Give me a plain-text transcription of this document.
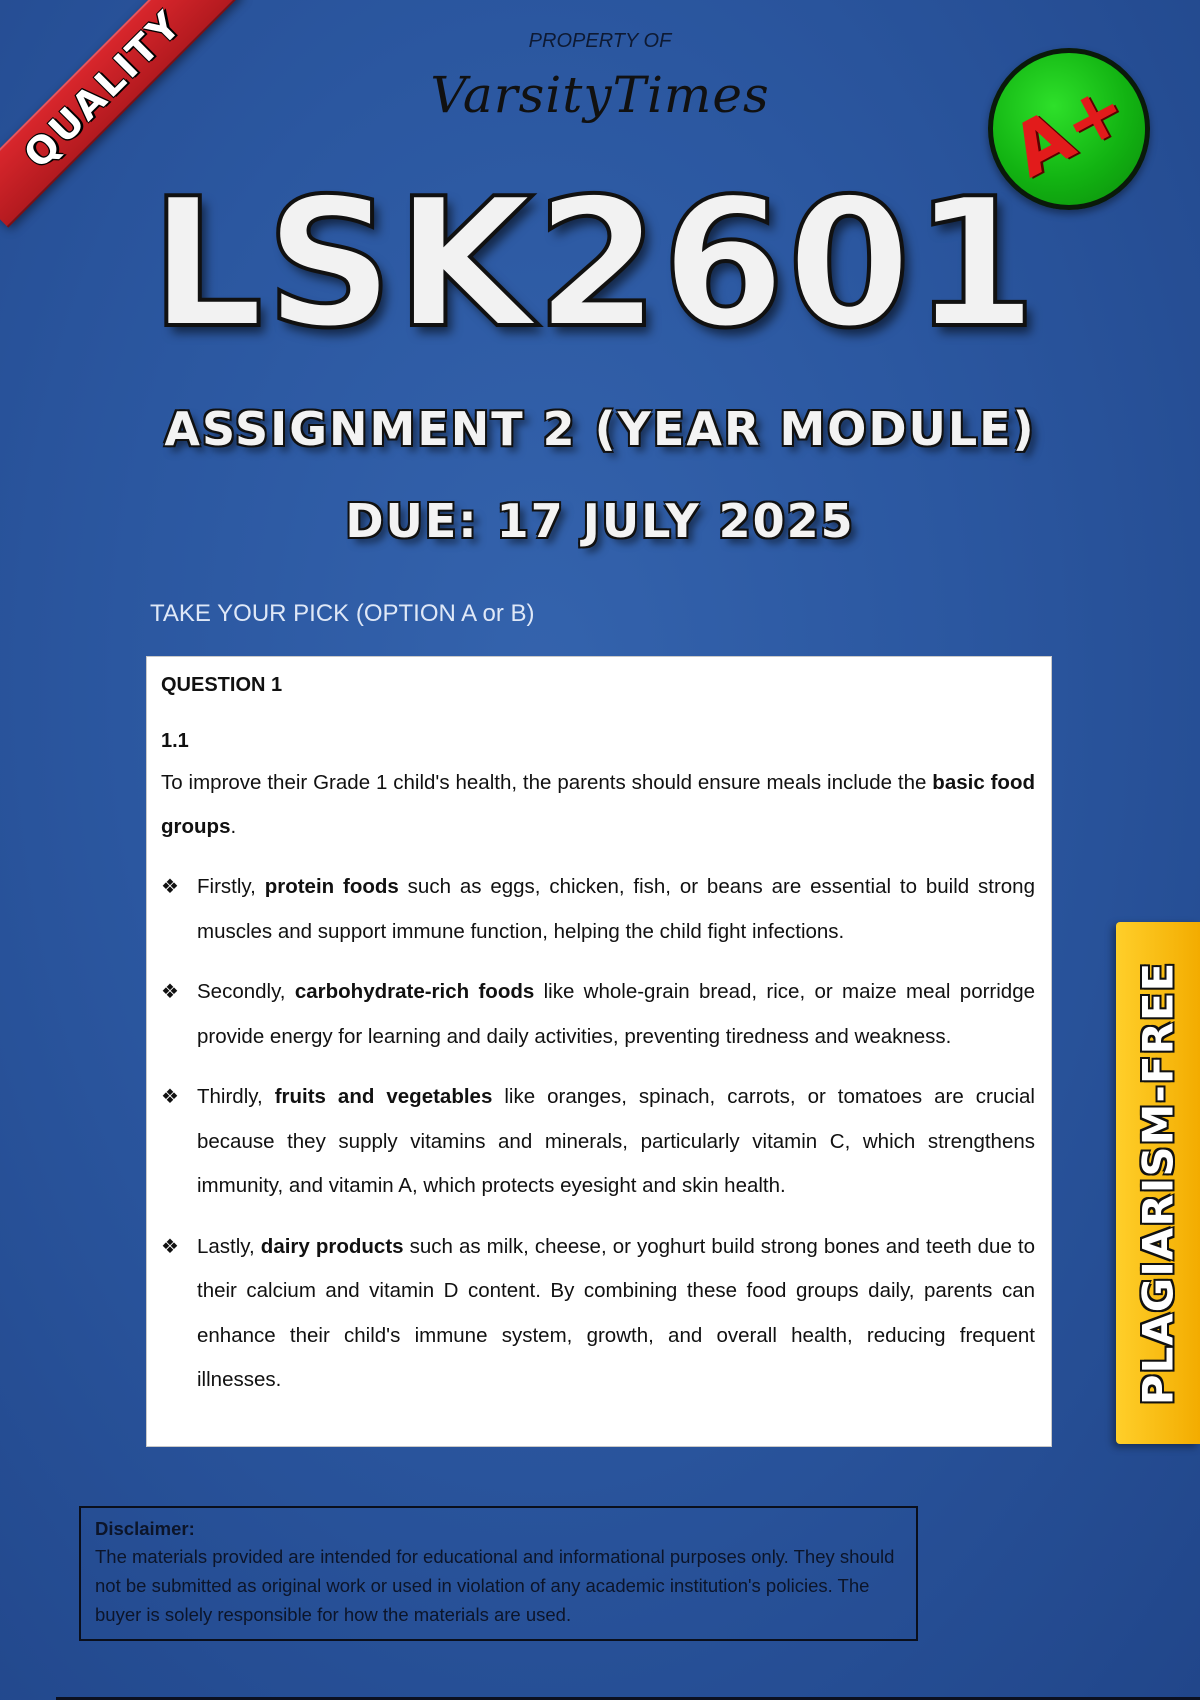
QUALITY	PROPERTY OF
VarsityTimes	A+
LSK2601
ASSIGNMENT 2 (YEAR MODULE)
DUE: 17 JULY 2025
TAKE YOUR PICK (OPTION A or B)
QUESTION 1
1.1
To improve their Grade 1 child's health, the parents should ensure meals include the basic food groups.
❖ Firstly, protein foods such as eggs, chicken, fish, or beans are essential to build strong muscles and support immune function, helping the child fight infections.
❖ Secondly, carbohydrate-rich foods like whole-grain bread, rice, or maize meal porridge provide energy for learning and daily activities, preventing tiredness and weakness.
❖ Thirdly, fruits and vegetables like oranges, spinach, carrots, or tomatoes are crucial because they supply vitamins and minerals, particularly vitamin C, which strengthens immunity, and vitamin A, which protects eyesight and skin health.
❖ Lastly, dairy products such as milk, cheese, or yoghurt build strong bones and teeth due to their calcium and vitamin D content. By combining these food groups daily, parents can enhance their child's immune system, growth, and overall health, reducing frequent illnesses.	PLAGIARISM-FREE
Disclaimer:
The materials provided are intended for educational and informational purposes only. They should not be submitted as original work or used in violation of any academic institution's policies. The buyer is solely responsible for how the materials are used.
